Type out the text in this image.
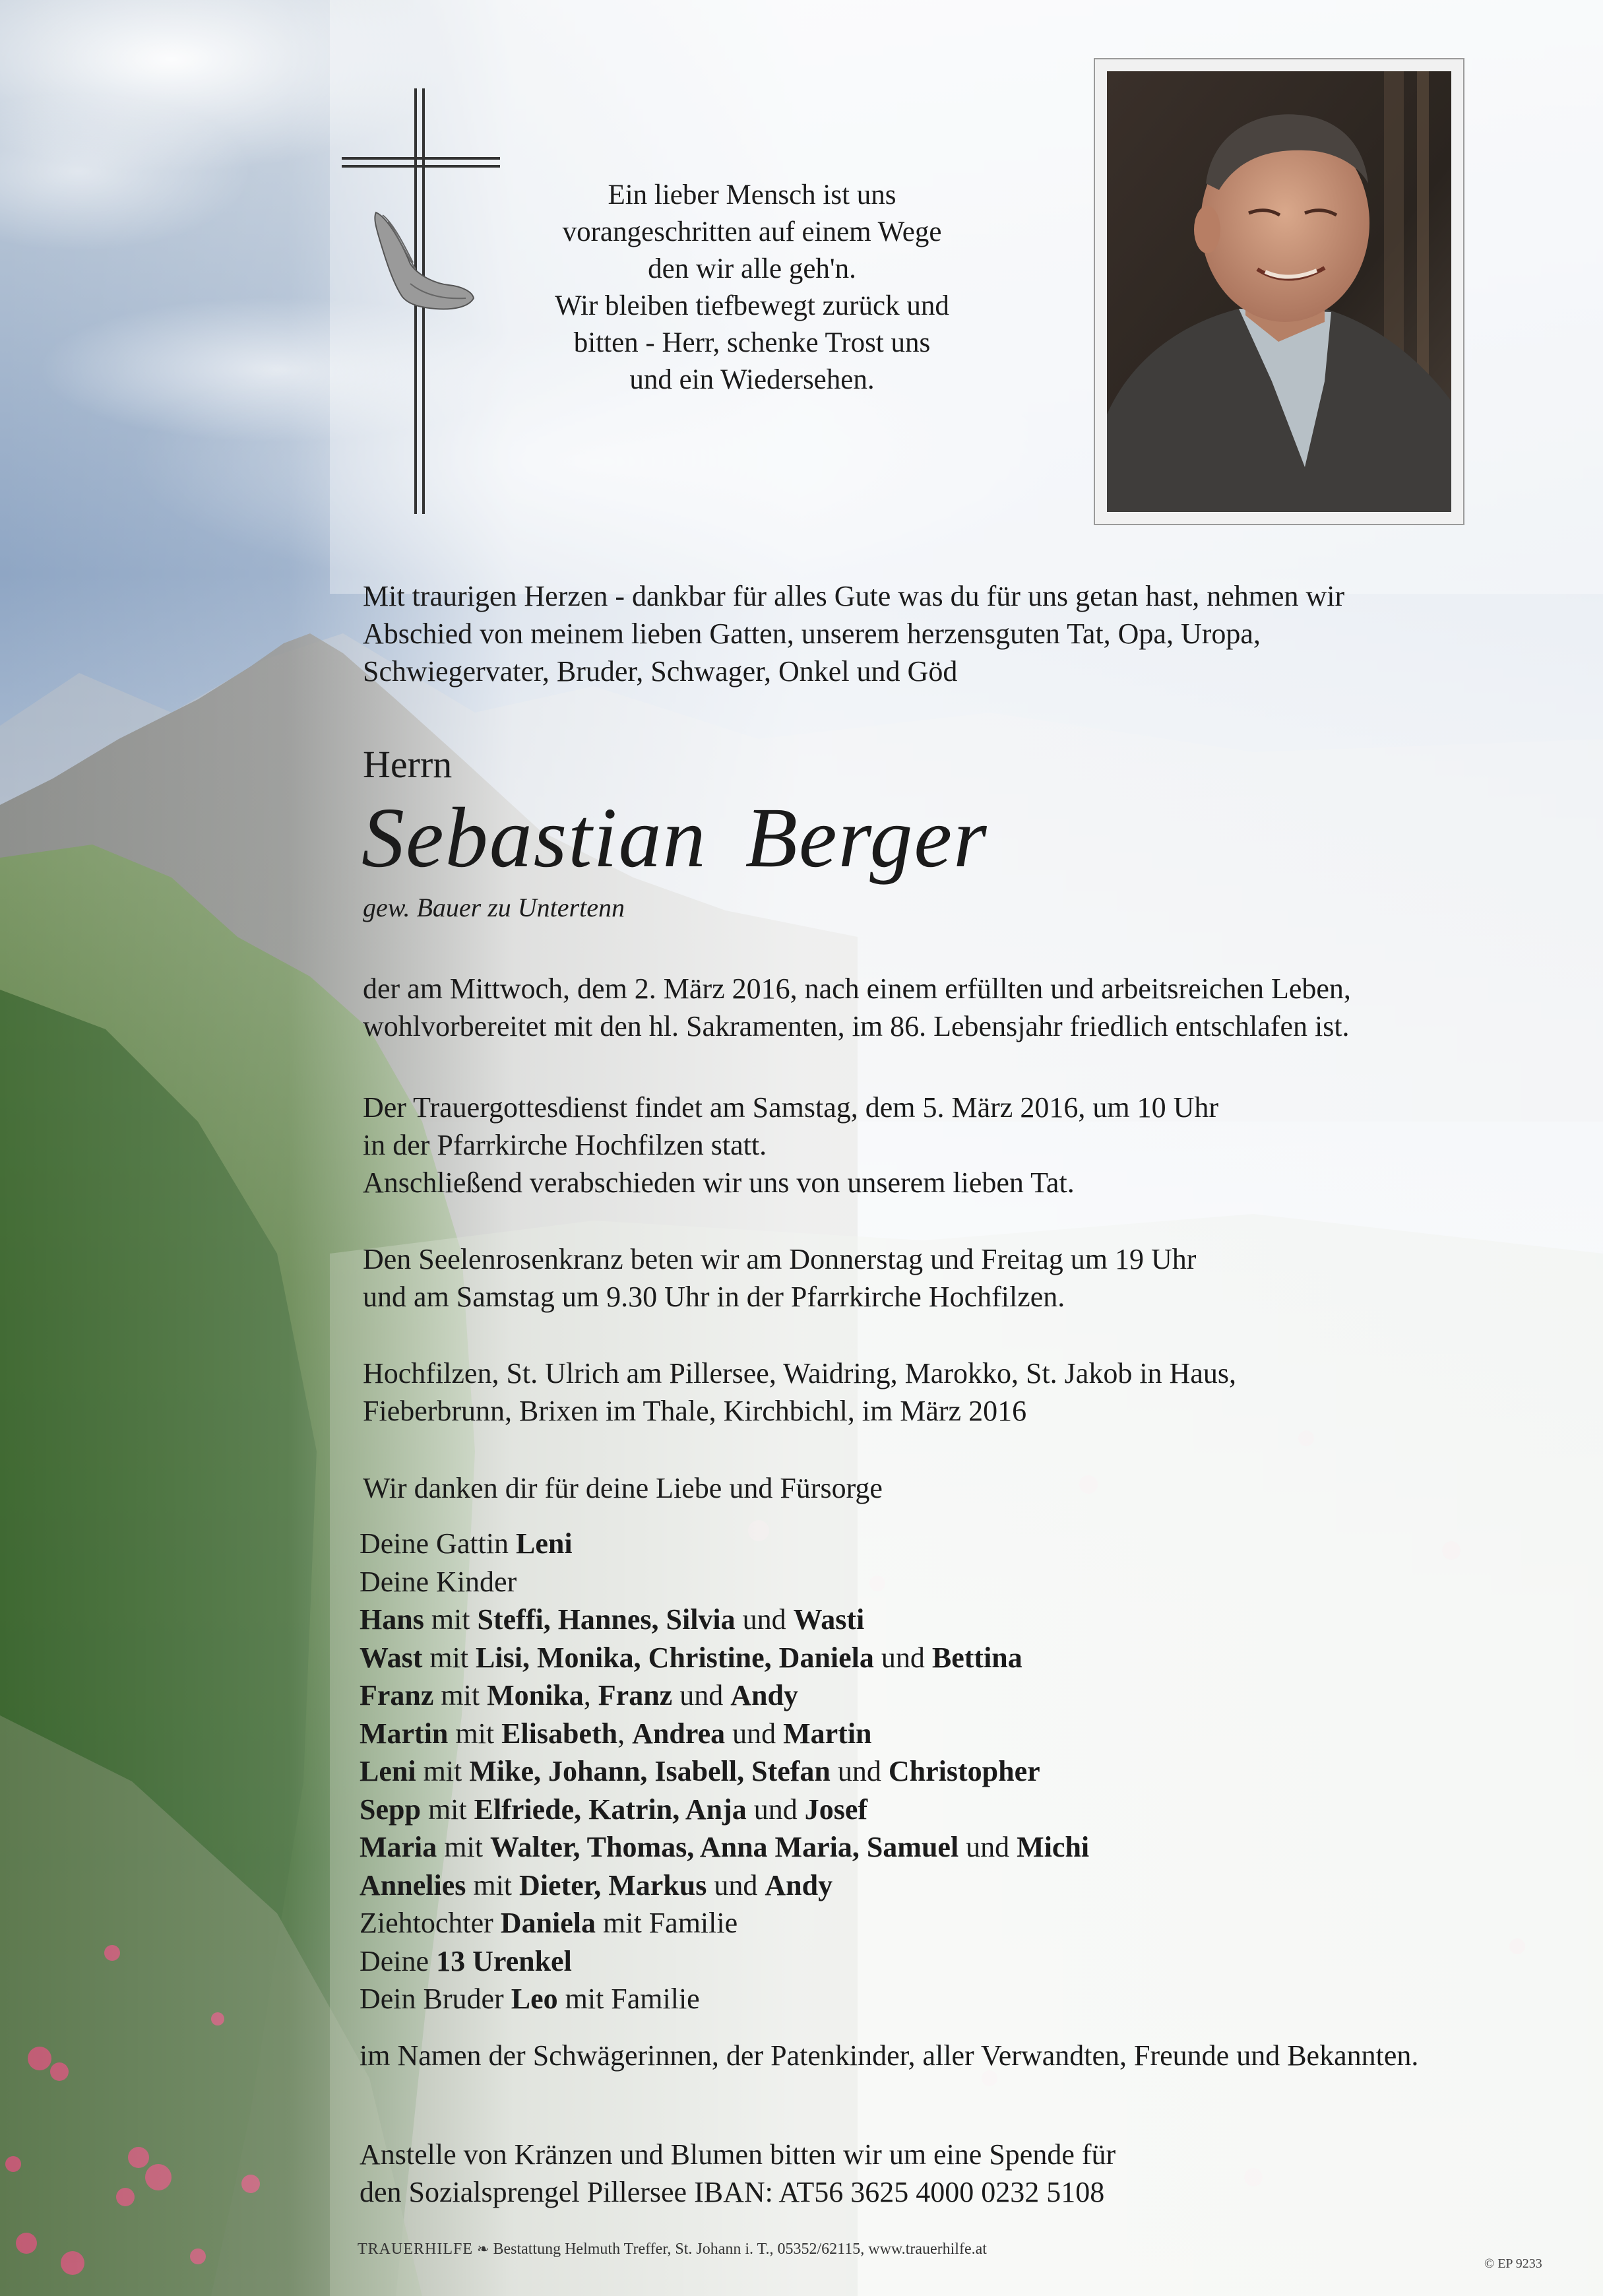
Ein lieber Mensch ist uns
vorangeschritten auf einem Wege
den wir alle geh'n.
Wir bleiben tiefbewegt zurück und
bitten - Herr, schenke Trost uns
und ein Wiedersehen.
Mit traurigen Herzen - dankbar für alles Gute was du für uns getan hast, nehmen wir
Abschied von meinem lieben Gatten, unserem herzensguten Tat, Opa, Uropa,
Schwiegervater, Bruder, Schwager, Onkel und Göd
Herrn
Sebastian Berger
gew. Bauer zu Untertenn
der am Mittwoch, dem 2. März 2016, nach einem erfüllten und arbeitsreichen Leben,
wohlvorbereitet mit den hl. Sakramenten, im 86. Lebensjahr friedlich entschlafen ist.
Der Trauergottesdienst findet am Samstag, dem 5. März 2016, um 10 Uhr
in der Pfarrkirche Hochfilzen statt.
Anschließend verabschieden wir uns von unserem lieben Tat.
Den Seelenrosenkranz beten wir am Donnerstag und Freitag um 19 Uhr
und am Samstag um 9.30 Uhr in der Pfarrkirche Hochfilzen.
Hochfilzen, St. Ulrich am Pillersee, Waidring, Marokko, St. Jakob in Haus,
Fieberbrunn, Brixen im Thale, Kirchbichl, im März 2016
Wir danken dir für deine Liebe und Fürsorge
Deine Gattin Leni
Deine Kinder
Hans mit Steffi, Hannes, Silvia und Wasti
Wast mit Lisi, Monika, Christine, Daniela und Bettina
Franz mit Monika, Franz und Andy
Martin mit Elisabeth, Andrea und Martin
Leni mit Mike, Johann, Isabell, Stefan und Christopher
Sepp mit Elfriede, Katrin, Anja und Josef
Maria mit Walter, Thomas, Anna Maria, Samuel und Michi
Annelies mit Dieter, Markus und Andy
Ziehtochter Daniela mit Familie
Deine 13 Urenkel
Dein Bruder Leo mit Familie
im Namen der Schwägerinnen, der Patenkinder, aller Verwandten, Freunde und Bekannten.
Anstelle von Kränzen und Blumen bitten wir um eine Spende für
den Sozialsprengel Pillersee IBAN: AT56 3625 4000 0232 5108
TRAUERHILFE ❧ Bestattung Helmuth Treffer, St. Johann i. T., 05352/62115, www.trauerhilfe.at
© EP 9233
